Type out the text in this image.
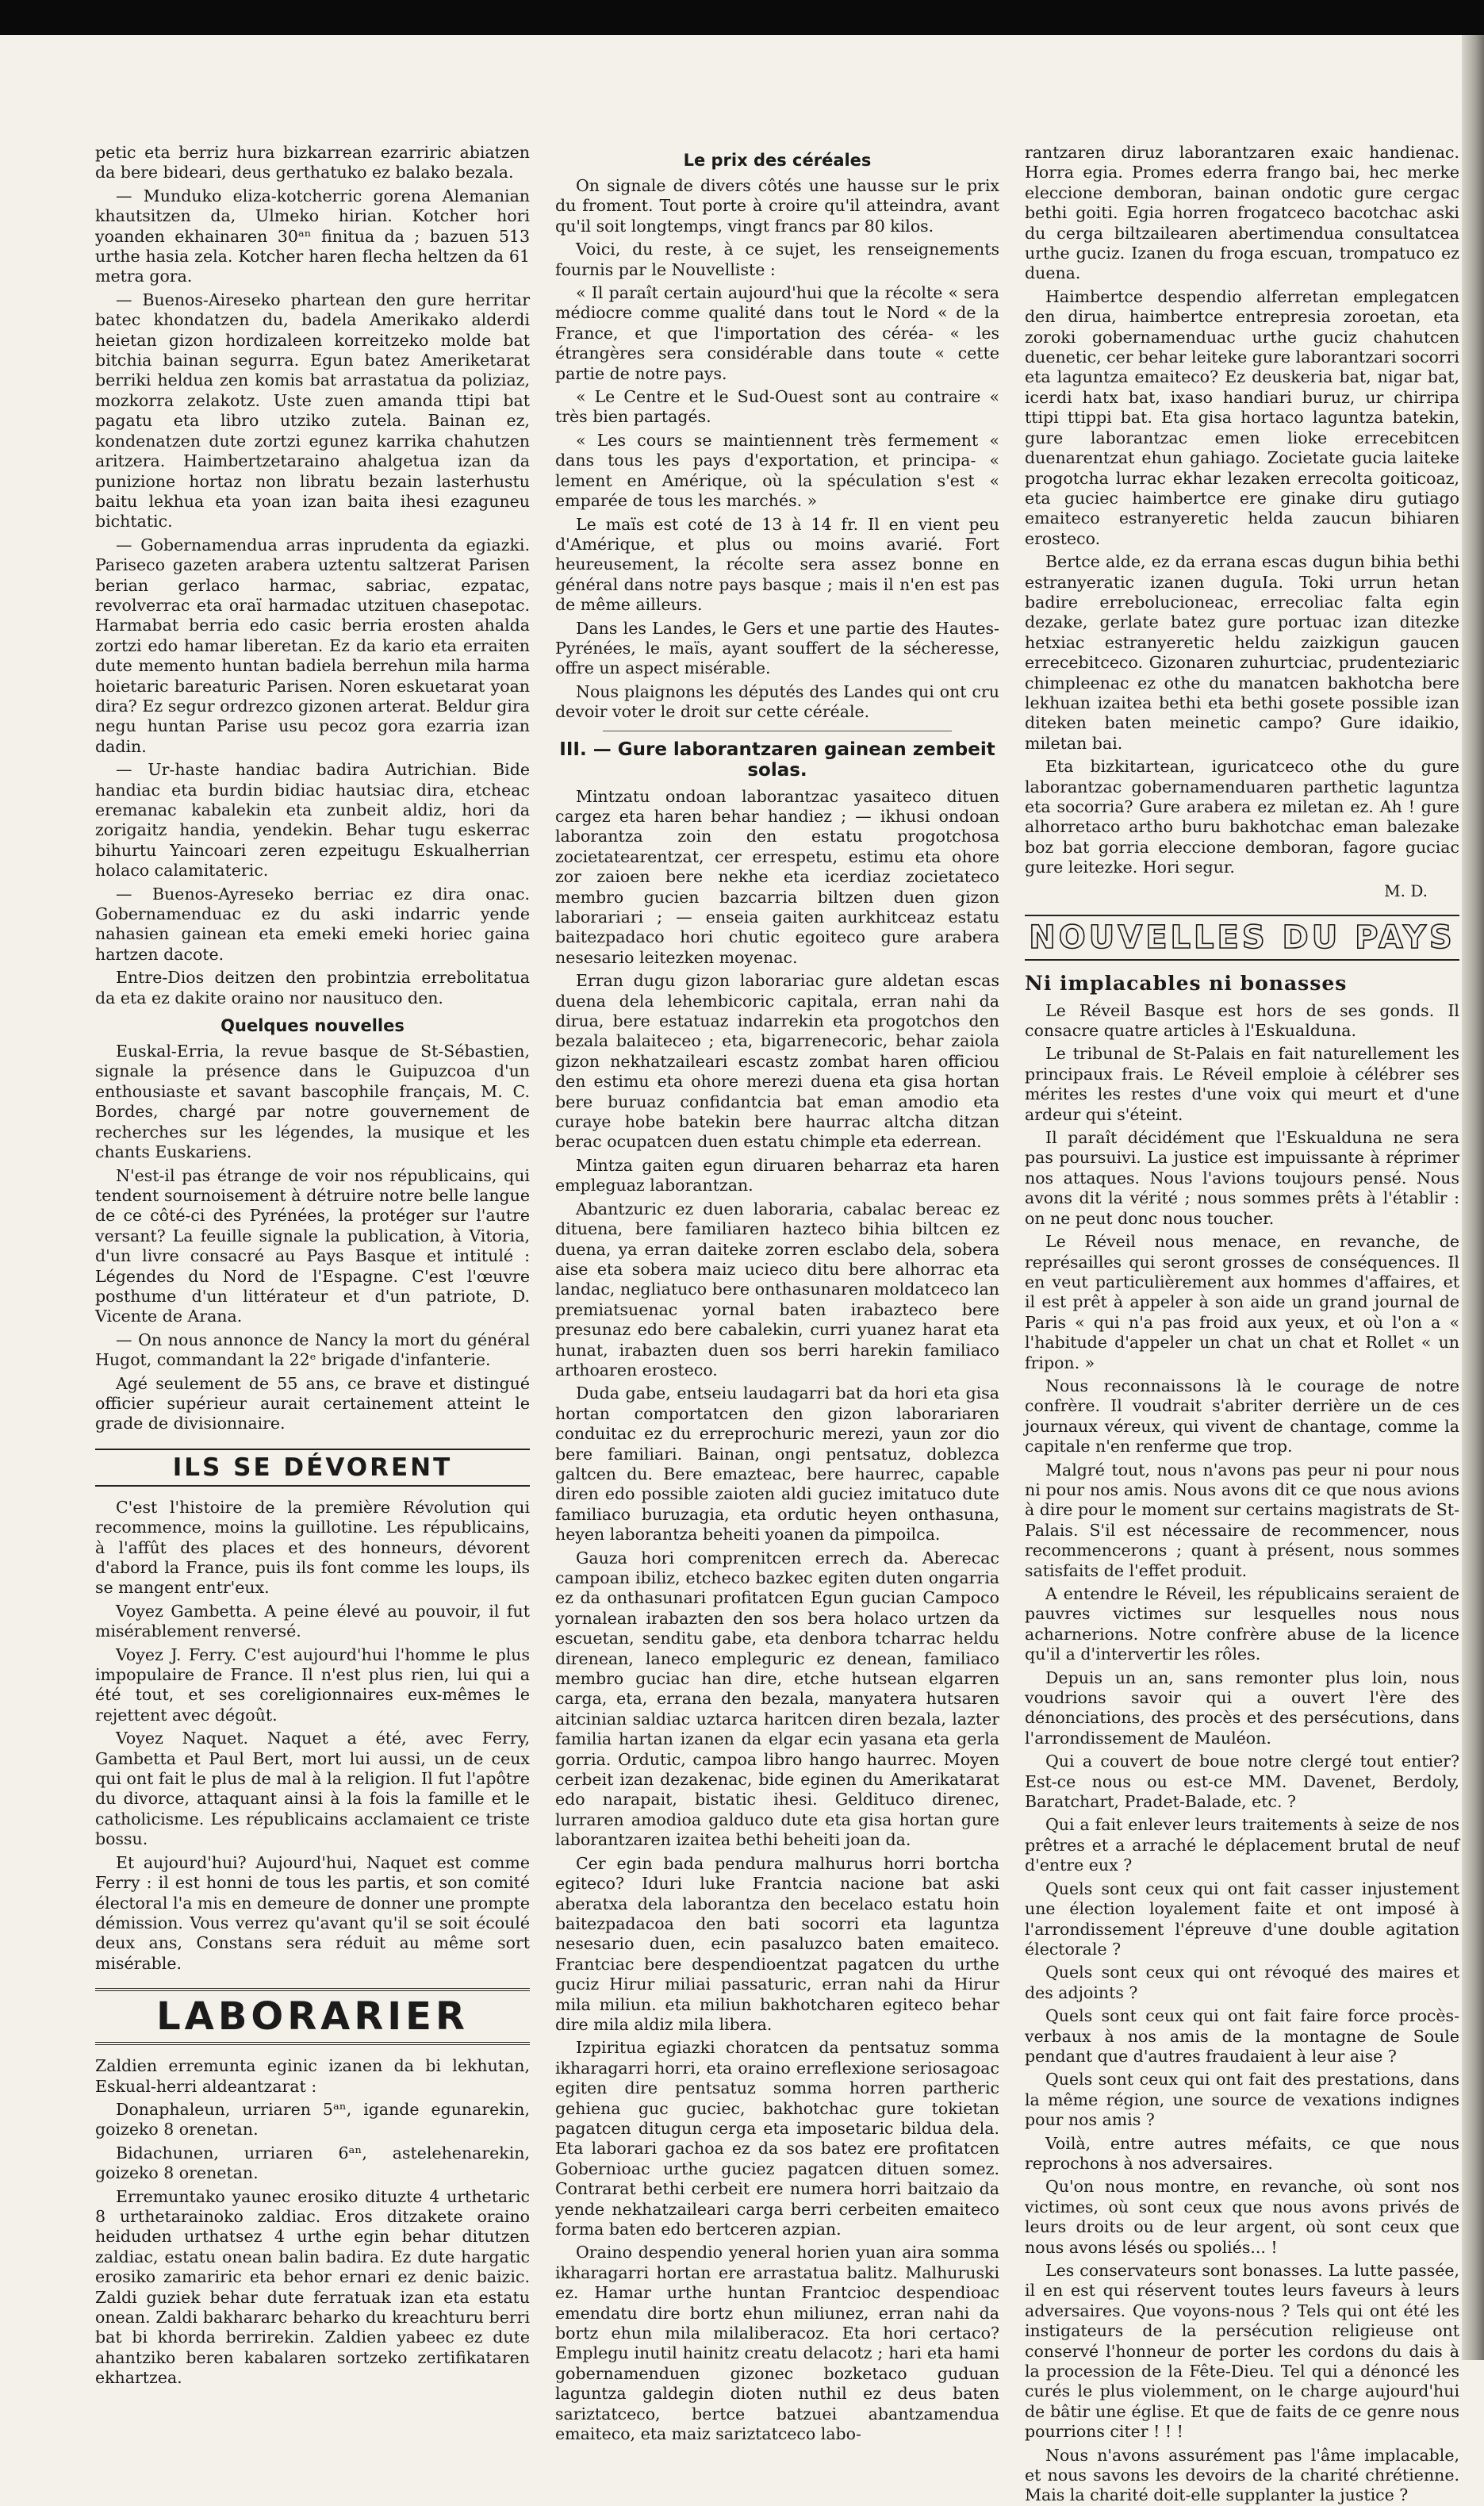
petic eta berriz hura bizkarrean ezarriric abiatzen da bere bideari, deus gerthatuko ez balako bezala.

— Munduko eliza-kotcherric gorena Alemanian khautsitzen da, Ulmeko hirian. Kotcher hori yoanden ekhainaren 30ᵃⁿ finitua da ; bazuen 513 urthe hasia zela. Kotcher haren flecha heltzen da 61 metra gora.

— Buenos-Aireseko phartean den gure herritar batec khondatzen du, badela Amerikako alderdi heietan gizon hordizaleen korreitzeko molde bat bitchia bainan segurra. Egun batez Ameriketarat berriki heldua zen komis bat arrastatua da poliziaz, mozkorra zelakotz. Uste zuen amanda ttipi bat pagatu eta libro utziko zutela. Bainan ez, kondenatzen dute zortzi egunez karrika chahutzen aritzera. Haimbertzetaraino ahalgetua izan da punizione hortaz non libratu bezain lasterhustu baitu lekhua eta yoan izan baita ihesi ezaguneu bichtatic.

— Gobernamendua arras inprudenta da egiazki. Pariseco gazeten arabera uztentu saltzerat Parisen berian gerlaco harmac, sabriac, ezpatac, revolverrac eta oraï harmadac utzituen chasepotac. Harmabat berria edo casic berria erosten ahalda zortzi edo hamar liberetan. Ez da kario eta erraiten dute memento huntan badiela berrehun mila harma hoietaric bareaturic Parisen. Noren eskuetarat yoan dira? Ez segur ordrezco gizonen arterat. Beldur gira negu huntan Parise usu pecoz gora ezarria izan dadin.

— Ur-haste handiac badira Autrichian. Bide handiac eta burdin bidiac hautsiac dira, etcheac eremanac kabalekin eta zunbeit aldiz, hori da zorigaitz handia, yendekin. Behar tugu eskerrac bihurtu Yaincoari zeren ezpeitugu Eskualherrian holaco calamitateric.

— Buenos-Ayreseko berriac ez dira onac. Gobernamenduac ez du aski indarric yende nahasien gainean eta emeki emeki horiec gaina hartzen dacote.

Entre-Dios deitzen den probintzia errebolitatua da eta ez dakite oraino nor nausituco den.

Quelques nouvelles

Euskal-Erria, la revue basque de St-Sébastien, signale la présence dans le Guipuzcoa d'un enthousiaste et savant bascophile français, M. C. Bordes, chargé par notre gouvernement de recherches sur les légendes, la musique et les chants Euskariens.

N'est-il pas étrange de voir nos républicains, qui tendent sournoisement à détruire notre belle langue de ce côté-ci des Pyrénées, la protéger sur l'autre versant? La feuille signale la publication, à Vitoria, d'un livre consacré au Pays Basque et intitulé : Légendes du Nord de l'Espagne. C'est l'œuvre posthume d'un littérateur et d'un patriote, D. Vicente de Arana.

— On nous annonce de Nancy la mort du général Hugot, commandant la 22ᵉ brigade d'infanterie.

Agé seulement de 55 ans, ce brave et distingué officier supérieur aurait certainement atteint le grade de divisionnaire.

ILS SE DÉVORENT

C'est l'histoire de la première Révolution qui recommence, moins la guillotine. Les républicains, à l'affût des places et des honneurs, dévorent d'abord la France, puis ils font comme les loups, ils se mangent entr'eux.

Voyez Gambetta. A peine élevé au pouvoir, il fut misérablement renversé.

Voyez J. Ferry. C'est aujourd'hui l'homme le plus impopulaire de France. Il n'est plus rien, lui qui a été tout, et ses coreligionnaires eux-mêmes le rejettent avec dégoût.

Voyez Naquet. Naquet a été, avec Ferry, Gambetta et Paul Bert, mort lui aussi, un de ceux qui ont fait le plus de mal à la religion. Il fut l'apôtre du divorce, attaquant ainsi à la fois la famille et le catholicisme. Les républicains acclamaient ce triste bossu.

Et aujourd'hui? Aujourd'hui, Naquet est comme Ferry : il est honni de tous les partis, et son comité électoral l'a mis en demeure de donner une prompte démission. Vous verrez qu'avant qu'il se soit écoulé deux ans, Constans sera réduit au même sort misérable.

LABORARIER

Zaldien erremunta eginic izanen da bi lekhutan, Eskual-herri aldeantzarat :

Donaphaleun, urriaren 5ᵃⁿ, igande egunarekin, goizeko 8 orenetan.

Bidachunen, urriaren 6ᵃⁿ, astelehenarekin, goizeko 8 orenetan.

Erremuntako yaunec erosiko dituzte 4 urthetaric 8 urthetarainoko zaldiac. Eros ditzakete oraino heiduden urthatsez 4 urthe egin behar ditutzen zaldiac, estatu onean balin badira. Ez dute hargatic erosiko zamariric eta behor ernari ez denic baizic. Zaldi guziek behar dute ferratuak izan eta estatu onean. Zaldi bakhararc beharko du kreachturu berri bat bi khorda berrirekin. Zaldien yabeec ez dute ahantziko beren kabalaren sortzeko zertifikataren ekhartzea.

Le prix des céréales

On signale de divers côtés une hausse sur le prix du froment. Tout porte à croire qu'il atteindra, avant qu'il soit longtemps, vingt francs par 80 kilos.

Voici, du reste, à ce sujet, les renseignements fournis par le Nouvelliste :

« Il paraît certain aujourd'hui que la récolte « sera médiocre comme qualité dans tout le Nord « de la France, et que l'importation des céréa- « les étrangères sera considérable dans toute « cette partie de notre pays.

« Le Centre et le Sud-Ouest sont au contraire « très bien partagés.

« Les cours se maintiennent très fermement « dans tous les pays d'exportation, et principa- « lement en Amérique, où la spéculation s'est « emparée de tous les marchés. »

Le maïs est coté de 13 à 14 fr. Il en vient peu d'Amérique, et plus ou moins avarié. Fort heureusement, la récolte sera assez bonne en général dans notre pays basque ; mais il n'en est pas de même ailleurs.

Dans les Landes, le Gers et une partie des Hautes-Pyrénées, le maïs, ayant souffert de la sécheresse, offre un aspect misérable.

Nous plaignons les députés des Landes qui ont cru devoir voter le droit sur cette céréale.

III. — Gure laborantzaren gainean zembeit solas.

Mintzatu ondoan laborantzac yasaiteco dituen cargez eta haren behar handiez ; — ikhusi ondoan laborantza zoin den estatu progotchosa zocietatearentzat, cer errespetu, estimu eta ohore zor zaioen bere nekhe eta icerdiaz zocietateco membro gucien bazcarria biltzen duen gizon laborariari ; — enseia gaiten aurkhitceaz estatu baitezpadaco hori chutic egoiteco gure arabera nesesario leitezken moyenac.

Erran dugu gizon laborariac gure aldetan escas duena dela lehembicoric capitala, erran nahi da dirua, bere estatuaz indarrekin eta progotchos den bezala balaiteceo ; eta, bigarrenecoric, behar zaiola gizon nekhatzaileari escastz zombat haren officiou den estimu eta ohore merezi duena eta gisa hortan bere buruaz confidantcia bat eman amodio eta curaye hobe batekin bere haurrac altcha ditzan berac ocupatcen duen estatu chimple eta ederrean.

Mintza gaiten egun diruaren beharraz eta haren empleguaz laborantzan.

Abantzuric ez duen laboraria, cabalac bereac ez dituena, bere familiaren hazteco bihia biltcen ez duena, ya erran daiteke zorren esclabo dela, sobera aise eta sobera maiz ucieco ditu bere alhorrac eta landac, negliatuco bere onthasunaren moldatceco lan premiatsuenac yornal baten irabazteco bere presunaz edo bere cabalekin, curri yuanez harat eta hunat, irabazten duen sos berri harekin familiaco arthoaren erosteco.

Duda gabe, entseiu laudagarri bat da hori eta gisa hortan comportatcen den gizon laborariaren conduitac ez du erreprochuric merezi, yaun zor dio bere familiari. Bainan, ongi pentsatuz, doblezca galtcen du. Bere emazteac, bere haurrec, capable diren edo possible zaioten aldi guciez imitatuco dute familiaco buruzagia, eta ordutic heyen onthasuna, heyen laborantza beheiti yoanen da pimpoilca.

Gauza hori comprenitcen errech da. Aberecac campoan ibiliz, etcheco bazkec egiten duten ongarria ez da onthasunari profitatcen Egun gucian Campoco yornalean irabazten den sos bera holaco urtzen da escuetan, senditu gabe, eta denbora tcharrac heldu direnean, laneco empleguric ez denean, familiaco membro guciac han dire, etche hutsean elgarren carga, eta, errana den bezala, manyatera hutsaren aitcinian saldiac uztarca haritcen diren bezala, lazter familia hartan izanen da elgar ecin yasana eta gerla gorria. Ordutic, campoa libro hango haurrec. Moyen cerbeit izan dezakenac, bide eginen du Amerikatarat edo narapait, bistatic ihesi. Geldituco direnec, lurraren amodioa galduco dute eta gisa hortan gure laborantzaren izaitea bethi beheiti joan da.

Cer egin bada pendura malhurus horri bortcha egiteco? Iduri luke Frantcia nacione bat aski aberatxa dela laborantza den becelaco estatu hoin baitezpadacoa den bati socorri eta laguntza nesesario duen, ecin pasaluzco baten emaiteco. Frantciac bere despendioentzat pagatcen du urthe guciz Hirur miliai passaturic, erran nahi da Hirur mila miliun. eta miliun bakhotcharen egiteco behar dire mila aldiz mila libera.

Izpiritua egiazki choratcen da pentsatuz somma ikharagarri horri, eta oraino erreflexione seriosagoac egiten dire pentsatuz somma horren partheric gehiena guc guciec, bakhotchac gure tokietan pagatcen ditugun cerga eta imposetaric bildua dela. Eta laborari gachoa ez da sos batez ere profitatcen Gobernioac urthe guciez pagatcen dituen somez. Contrarat bethi cerbeit ere numera horri baitzaio da yende nekhatzaileari carga berri cerbeiten emaiteco forma baten edo bertceren azpian.

Oraino despendio yeneral horien yuan aira somma ikharagarri hortan ere arrastatua balitz. Malhuruski ez. Hamar urthe huntan Frantcioc despendioac emendatu dire bortz ehun miliunez, erran nahi da bortz ehun mila milaliberacoz. Eta hori certaco? Emplegu inutil hainitz creatu delacotz ; hari eta hami gobernamenduen gizonec bozketaco guduan laguntza galdegin dioten nuthil ez deus baten sariztatceco, bertce batzuei abantzamendua emaiteco, eta maiz sariztatceco labo-

rantzaren diruz laborantzaren exaic handienac. Horra egia. Promes ederra frango bai, hec merke eleccione demboran, bainan ondotic gure cergac bethi goiti. Egia horren frogatceco bacotchac aski du cerga biltzailearen abertimendua consultatcea urthe guciz. Izanen du froga escuan, trompatuco ez duena.

Haimbertce despendio alferretan emplegatcen den dirua, haimbertce entrepresia zoroetan, eta zoroki gobernamenduac urthe guciz chahutcen duenetic, cer behar leiteke gure laborantzari socorri eta laguntza emaiteco? Ez deuskeria bat, nigar bat, icerdi hatx bat, ixaso handiari buruz, ur chirripa ttipi ttippi bat. Eta gisa hortaco laguntza batekin, gure laborantzac emen lioke errecebitcen duenarentzat ehun gahiago. Zocietate gucia laiteke progotcha lurrac ekhar lezaken errecolta goiticoaz, eta guciec haimbertce ere ginake diru gutiago emaiteco estranyeretic helda zaucun bihiaren erosteco.

Bertce alde, ez da errana escas dugun bihia bethi estranyeratic izanen duguIa. Toki urrun hetan badire errebolucioneac, errecoliac falta egin dezake, gerlate batez gure portuac izan ditezke hetxiac estranyeretic heldu zaizkigun gaucen errecebitceco. Gizonaren zuhurtciac, prudenteziaric chimpleenac ez othe du manatcen bakhotcha bere lekhuan izaitea bethi eta bethi gosete possible izan diteken baten meinetic campo? Gure idaikio, miletan bai.

Eta bizkitartean, iguricatceco othe du gure laborantzac gobernamenduaren parthetic laguntza eta socorria? Gure arabera ez miletan ez. Ah ! gure alhorretaco artho buru bakhotchac eman balezake boz bat gorria eleccione demboran, fagore guciac gure leitezke. Hori segur.

M. D.
NOUVELLES DU PAYS
Ni implacables ni bonasses

Le Réveil Basque est hors de ses gonds. Il consacre quatre articles à l'Eskualduna.

Le tribunal de St-Palais en fait naturellement les principaux frais. Le Réveil emploie à célébrer ses mérites les restes d'une voix qui meurt et d'une ardeur qui s'éteint.

Il paraît décidément que l'Eskualduna ne sera pas poursuivi. La justice est impuissante à réprimer nos attaques. Nous l'avions toujours pensé. Nous avons dit la vérité ; nous sommes prêts à l'établir : on ne peut donc nous toucher.

Le Réveil nous menace, en revanche, de représailles qui seront grosses de conséquences. Il en veut particulièrement aux hommes d'affaires, et il est prêt à appeler à son aide un grand journal de Paris « qui n'a pas froid aux yeux, et où l'on a « l'habitude d'appeler un chat un chat et Rollet « un fripon. »

Nous reconnaissons là le courage de notre confrère. Il voudrait s'abriter derrière un de ces journaux véreux, qui vivent de chantage, comme la capitale n'en renferme que trop.

Malgré tout, nous n'avons pas peur ni pour nous ni pour nos amis. Nous avons dit ce que nous avions à dire pour le moment sur certains magistrats de St-Palais. S'il est nécessaire de recommencer, nous recommencerons ; quant à présent, nous sommes satisfaits de l'effet produit.

A entendre le Réveil, les républicains seraient de pauvres victimes sur lesquelles nous nous acharnerions. Notre confrère abuse de la licence qu'il a d'intervertir les rôles.

Depuis un an, sans remonter plus loin, nous voudrions savoir qui a ouvert l'ère des dénonciations, des procès et des persécutions, dans l'arrondissement de Mauléon.

Qui a couvert de boue notre clergé tout entier? Est-ce nous ou est-ce MM. Davenet, Berdoly, Baratchart, Pradet-Balade, etc. ?

Qui a fait enlever leurs traitements à seize de nos prêtres et a arraché le déplacement brutal de neuf d'entre eux ?

Quels sont ceux qui ont fait casser injustement une élection loyalement faite et ont imposé à l'arrondissement l'épreuve d'une double agitation électorale ?

Quels sont ceux qui ont révoqué des maires et des adjoints ?

Quels sont ceux qui ont fait faire force procès-verbaux à nos amis de la montagne de Soule pendant que d'autres fraudaient à leur aise ?

Quels sont ceux qui ont fait des prestations, dans la même région, une source de vexations indignes pour nos amis ?

Voilà, entre autres méfaits, ce que nous reprochons à nos adversaires.

Qu'on nous montre, en revanche, où sont nos victimes, où sont ceux que nous avons privés de leurs droits ou de leur argent, où sont ceux que nous avons lésés ou spoliés... !

Les conservateurs sont bonasses. La lutte passée, il en est qui réservent toutes leurs faveurs à leurs adversaires. Que voyons-nous ? Tels qui ont été les instigateurs de la persécution religieuse ont conservé l'honneur de porter les cordons du dais à la procession de la Fête-Dieu. Tel qui a dénoncé les curés le plus violemment, on le charge aujourd'hui de bâtir une église. Et que de faits de ce genre nous pourrions citer ! ! !

Nous n'avons assurément pas l'âme implacable, et nous savons les devoirs de la charité chrétienne. Mais la charité doit-elle supplanter la justice ?
